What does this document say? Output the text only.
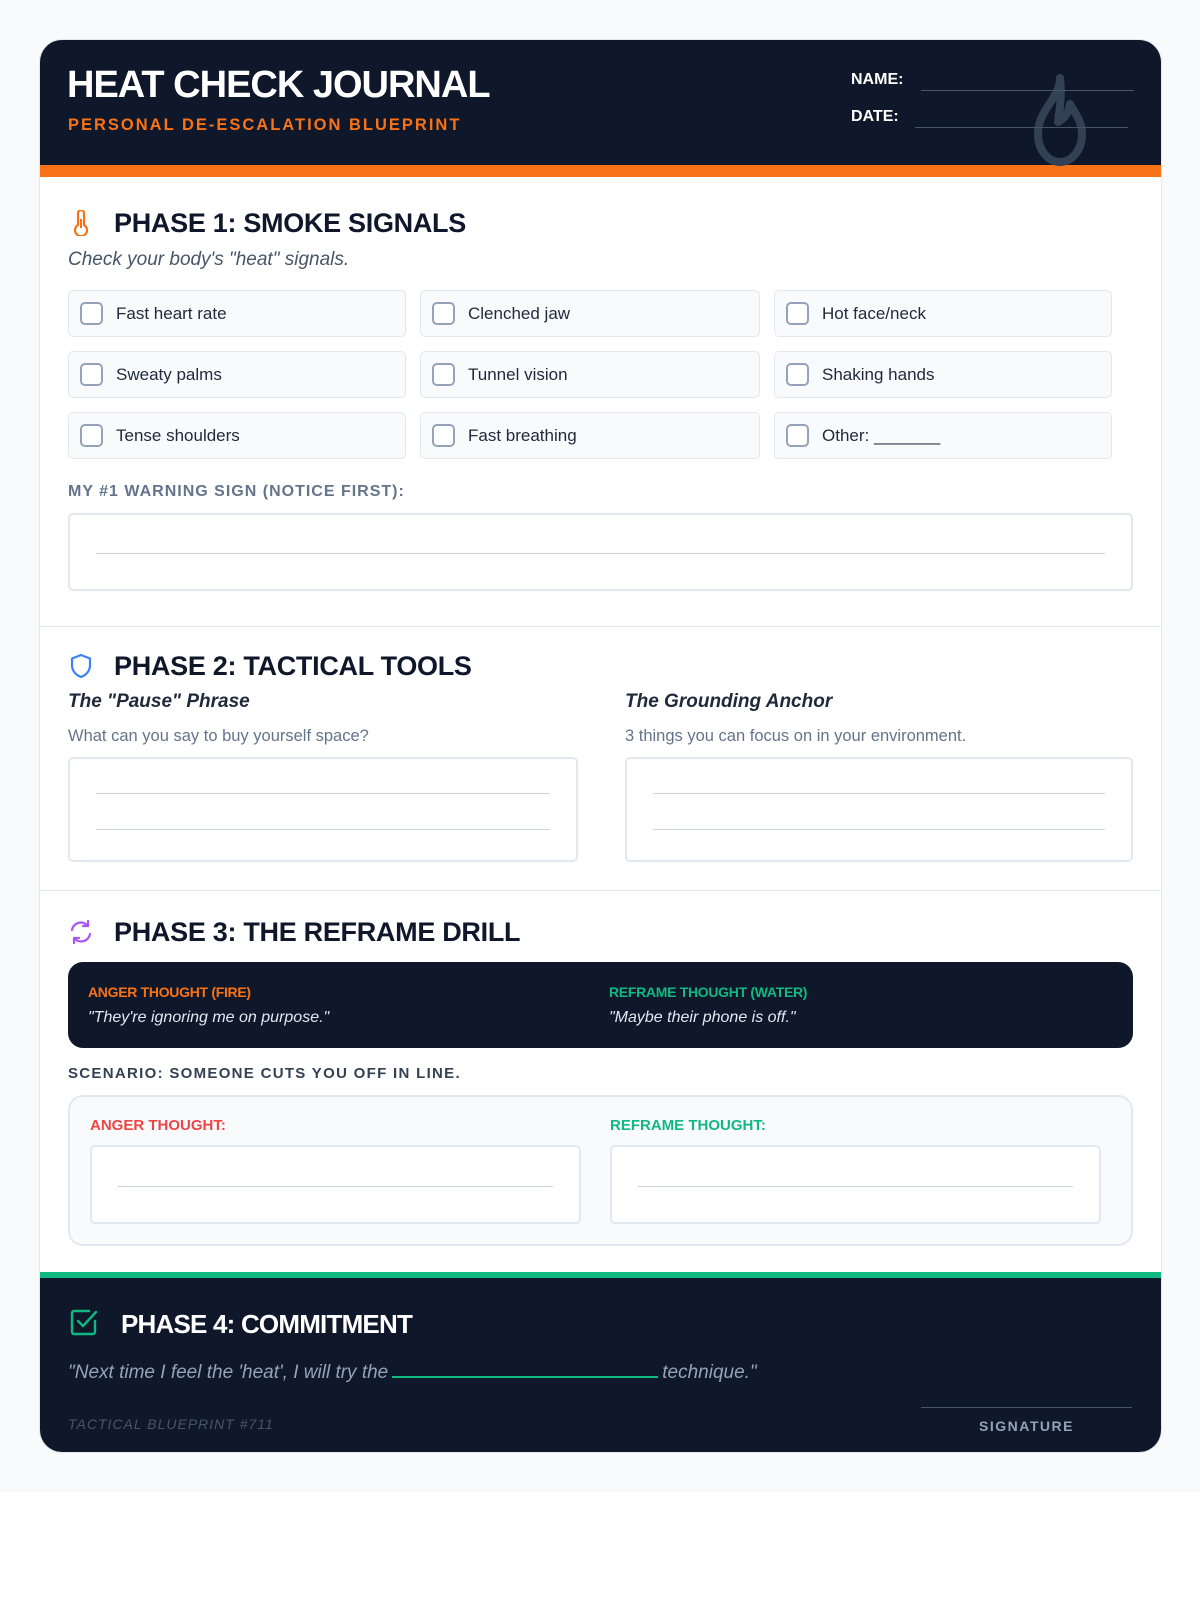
HEAT CHECK JOURNAL
PERSONAL DE-ESCALATION BLUEPRINT
NAME:
DATE:
PHASE 1: SMOKE SIGNALS
Check your body's "heat" signals.
Fast heart rate	Clenched jaw	Hot face/neck
Sweaty palms	Tunnel vision	Shaking hands
Tense shoulders	Fast breathing	Other: _______
MY #1 WARNING SIGN (NOTICE FIRST):
PHASE 2: TACTICAL TOOLS
The "Pause" Phrase
What can you say to buy yourself space?
The Grounding Anchor
3 things you can focus on in your environment.
PHASE 3: THE REFRAME DRILL
ANGER THOUGHT (FIRE)
"They're ignoring me on purpose."
REFRAME THOUGHT (WATER)
"Maybe their phone is off."
SCENARIO: SOMEONE CUTS YOU OFF IN LINE.
ANGER THOUGHT:	REFRAME THOUGHT:
PHASE 4: COMMITMENT
"Next time I feel the 'heat', I will try the	technique."
TACTICAL BLUEPRINT #711	SIGNATURE
